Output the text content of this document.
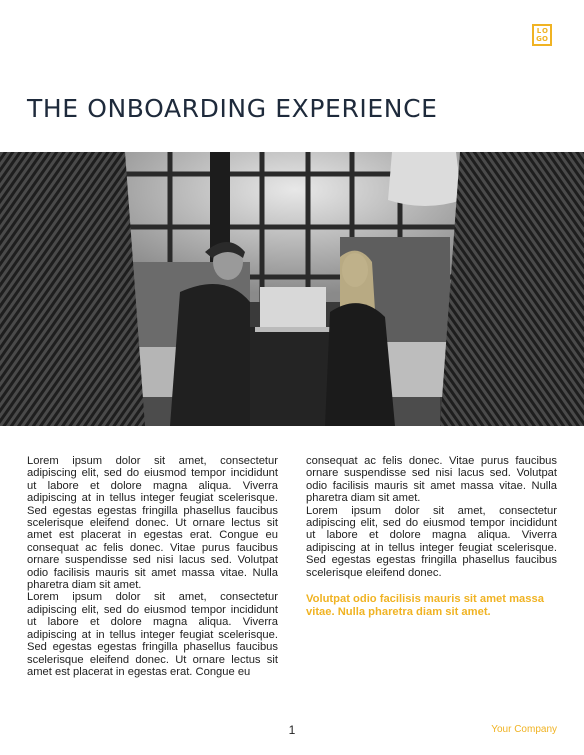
L O
G O
THE ONBOARDING EXPERIENCE

Lorem ipsum dolor sit amet, consectetur adipiscing elit, sed do eiusmod tempor incididunt ut labore et dolore magna aliqua. Viverra adipiscing at in tellus integer feugiat scelerisque. Sed egestas egestas fringilla phasellus faucibus scelerisque eleifend donec. Ut ornare lectus sit amet est placerat in egestas erat. Congue eu consequat ac felis donec. Vitae purus faucibus ornare suspendisse sed nisi lacus sed. Volutpat odio facilisis mauris sit amet massa vitae. Nulla pharetra diam sit amet.

Lorem ipsum dolor sit amet, consectetur adipiscing elit, sed do eiusmod tempor incididunt ut labore et dolore magna aliqua. Viverra adipiscing at in tellus integer feugiat scelerisque. Sed egestas egestas fringilla phasellus faucibus scelerisque eleifend donec. Ut ornare lectus sit amet est placerat in egestas erat. Congue eu

consequat ac felis donec. Vitae purus faucibus ornare suspendisse sed nisi lacus sed. Volutpat odio facilisis mauris sit amet massa vitae. Nulla pharetra diam sit amet.

Lorem ipsum dolor sit amet, consectetur adipiscing elit, sed do eiusmod tempor incididunt ut labore et dolore magna aliqua. Viverra adipiscing at in tellus integer feugiat scelerisque. Sed egestas egestas fringilla phasellus faucibus scelerisque eleifend donec.

Volutpat odio facilisis mauris sit amet massa vitae. Nulla pharetra diam sit amet.

1	Your Company
